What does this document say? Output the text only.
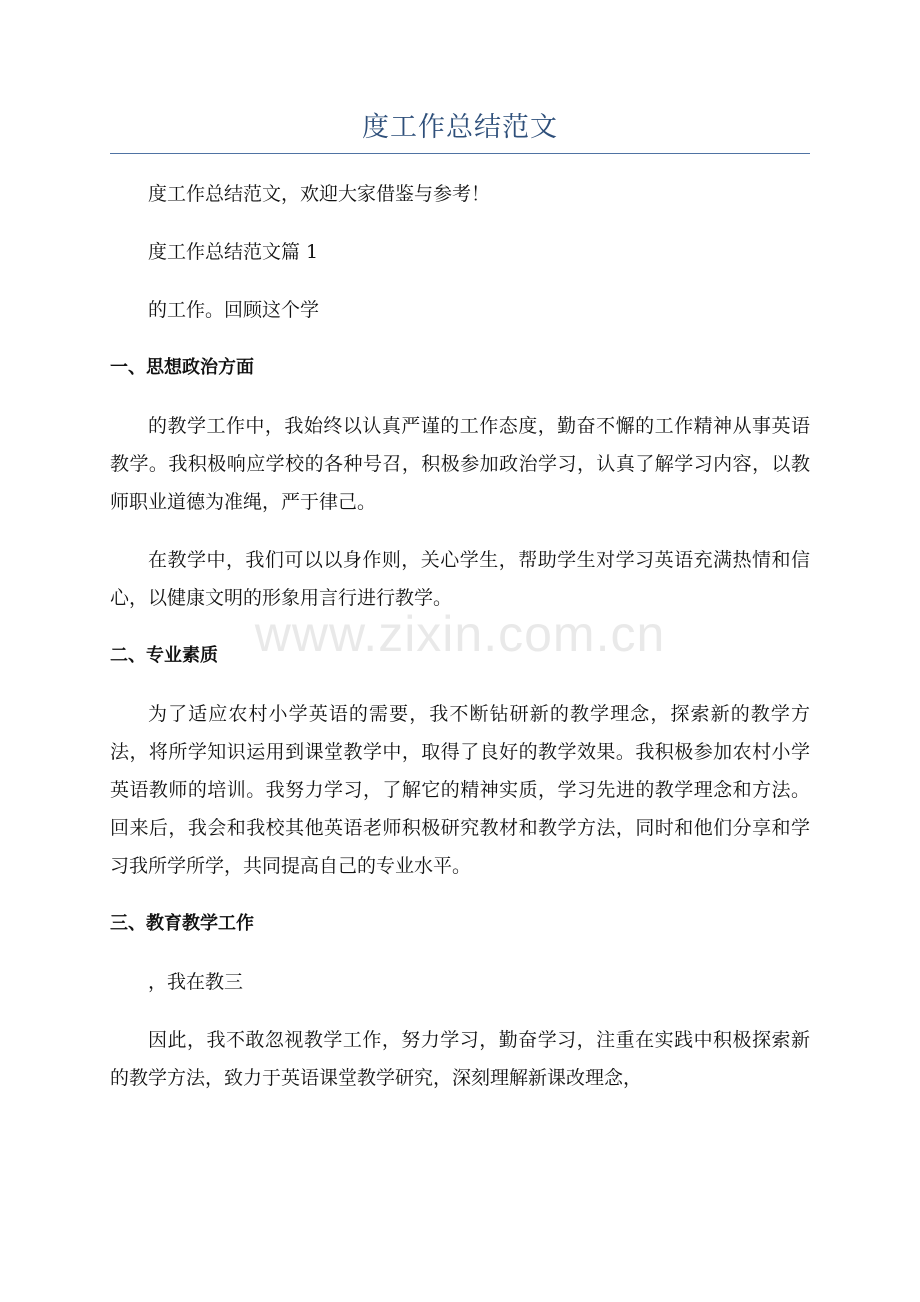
度工作总结范文

度工作总结范文，欢迎大家借鉴与参考！

度工作总结范文篇 1

的工作。回顾这个学

一、思想政治方面

的教学工作中，我始终以认真严谨的工作态度，勤奋不懈的工作精神从事英语教学。我积极响应学校的各种号召，积极参加政治学习，认真了解学习内容，以教师职业道德为准绳，严于律己。

在教学中，我们可以以身作则，关心学生，帮助学生对学习英语充满热情和信心，以健康文明的形象用言行进行教学。

二、专业素质

为了适应农村小学英语的需要，我不断钻研新的教学理念，探索新的教学方法，将所学知识运用到课堂教学中，取得了良好的教学效果。我积极参加农村小学英语教师的培训。我努力学习，了解它的精神实质，学习先进的教学理念和方法。回来后，我会和我校其他英语老师积极研究教材和教学方法，同时和他们分享和学习我所学所学，共同提高自己的专业水平。

三、教育教学工作

，我在教三

因此，我不敢忽视教学工作，努力学习，勤奋学习，注重在实践中积极探索新的教学方法，致力于英语课堂教学研究，深刻理解新课改理念，

www.zixin.com.cn
